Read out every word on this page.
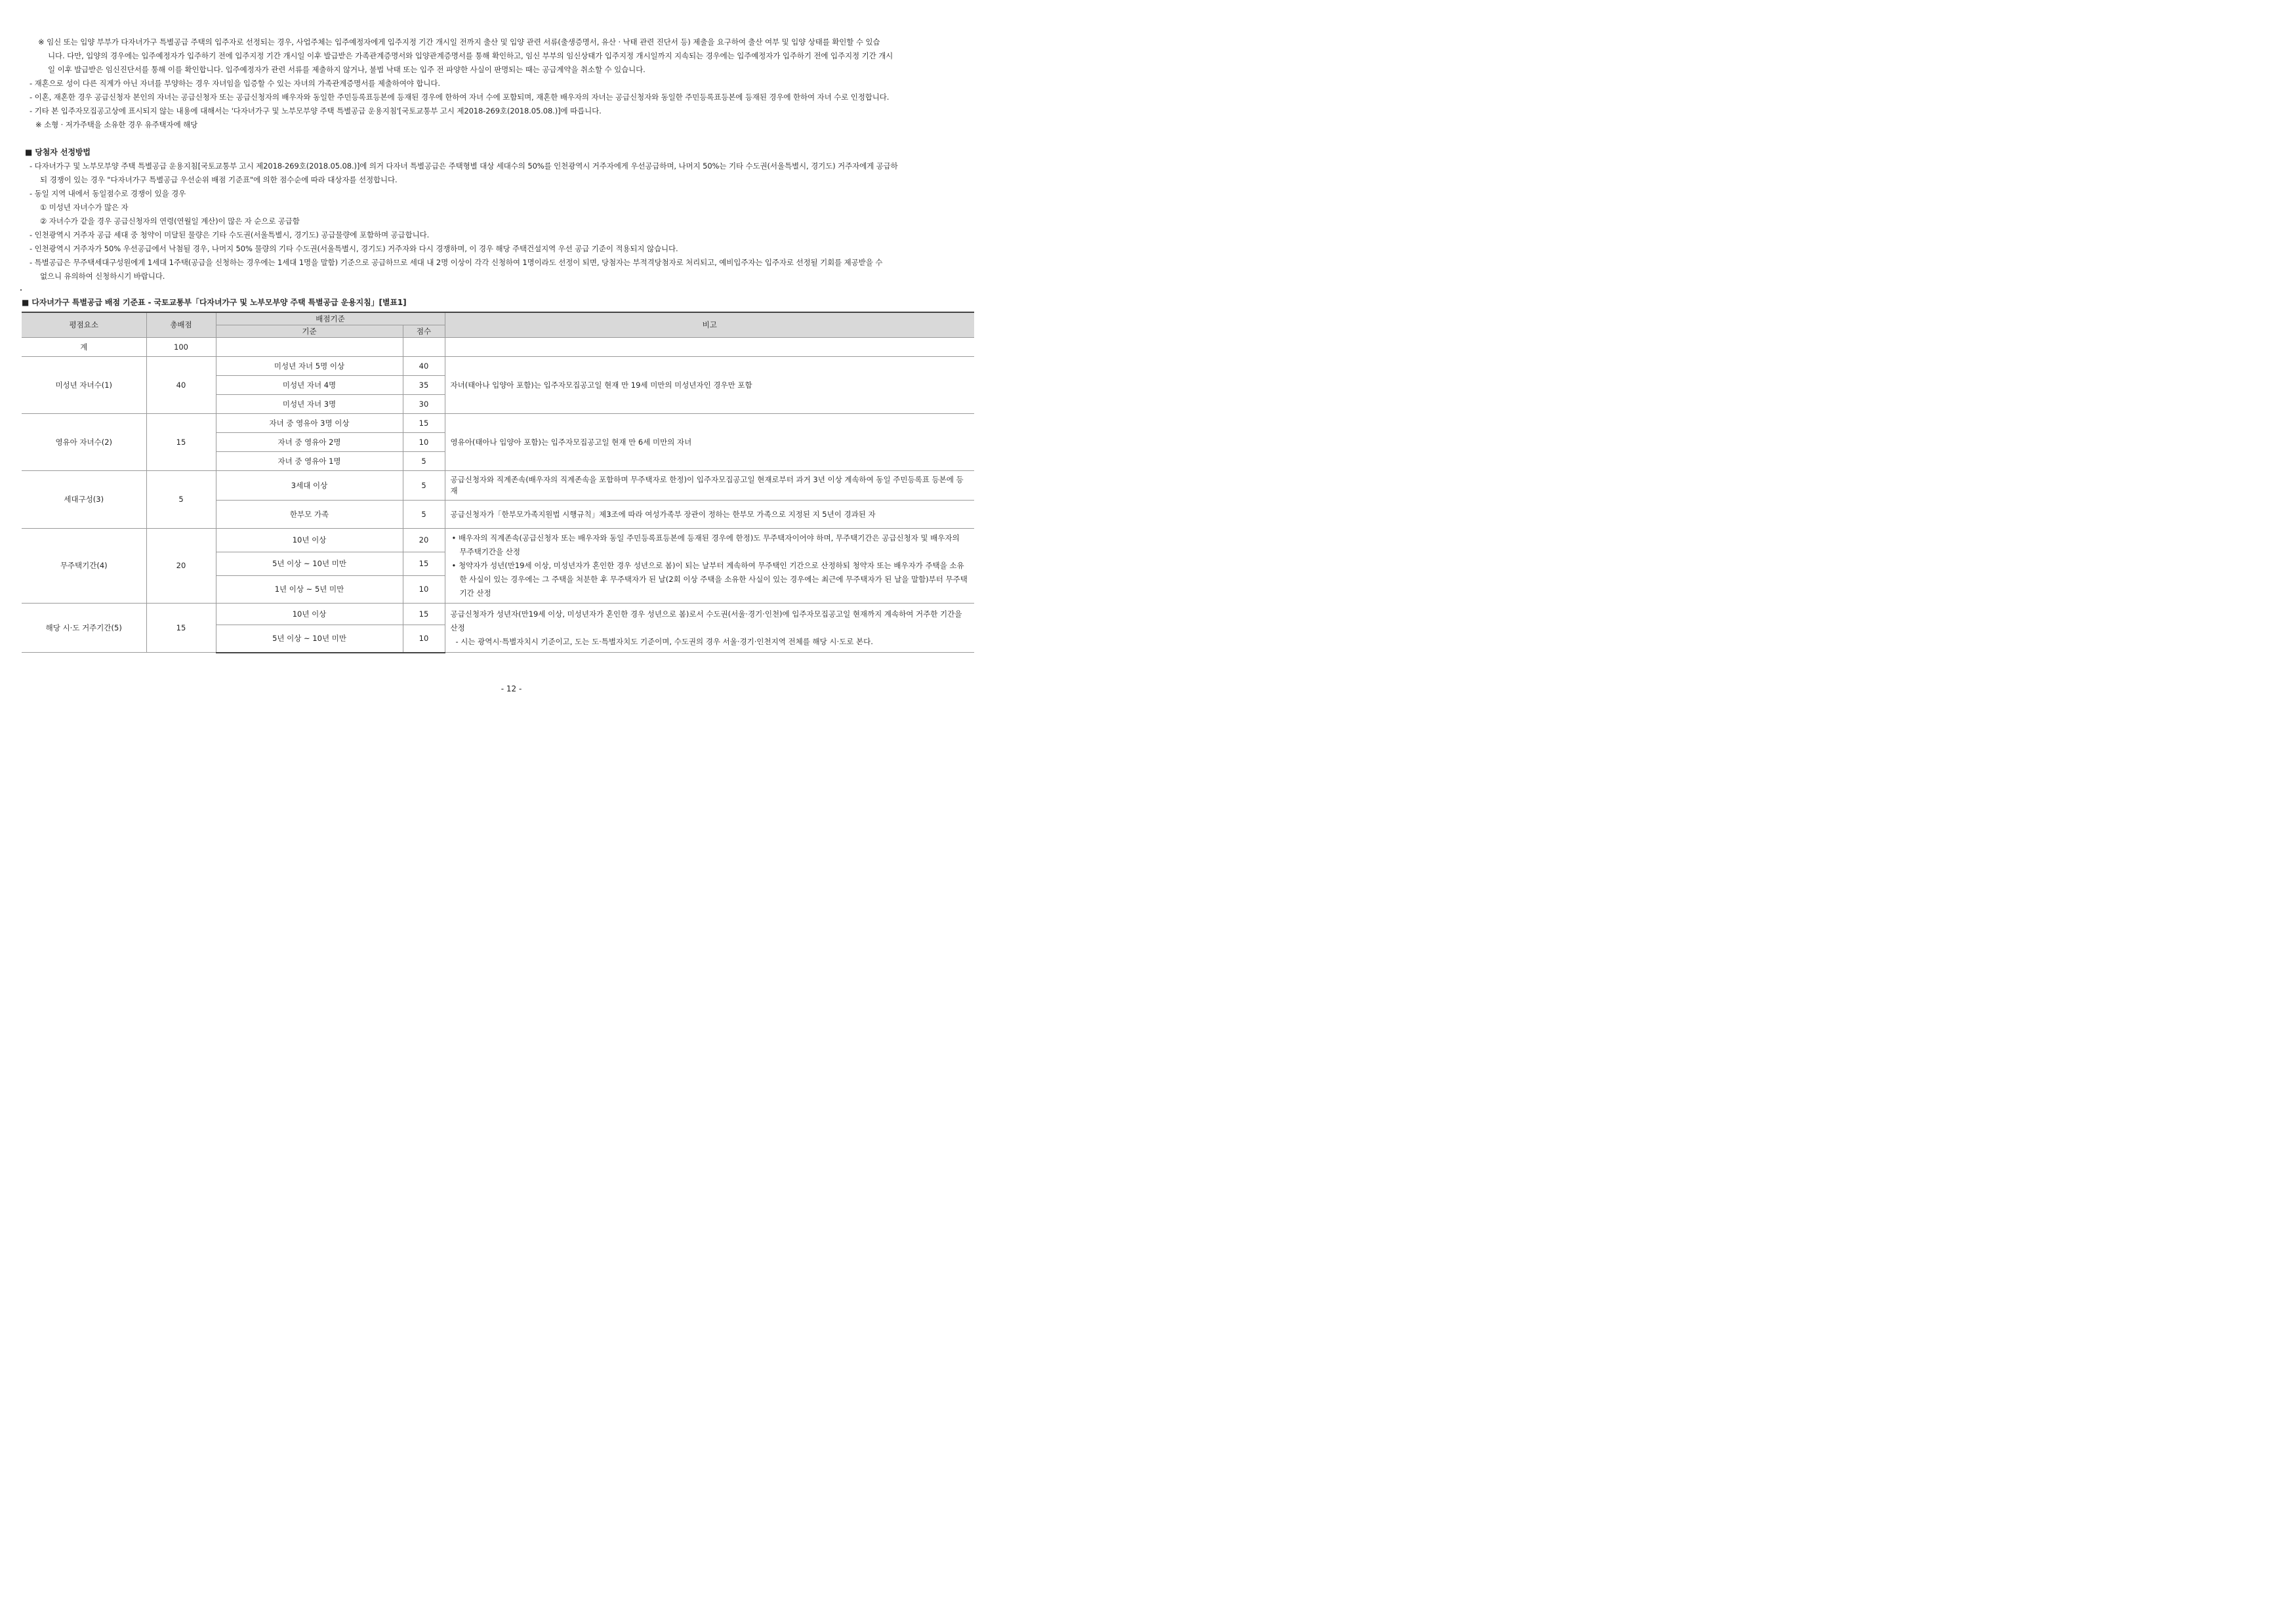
※ 임신 또는 입양 부부가 다자녀가구 특별공급 주택의 입주자로 선정되는 경우, 사업주체는 입주예정자에게 입주지정 기간 개시일 전까지 출산 및 입양 관련 서류(출생증명서, 유산 · 낙태 관련 진단서 등) 제출을 요구하여 출산 여부 및 입양 상태를 확인할 수 있습
니다. 다만, 입양의 경우에는 입주예정자가 입주하기 전에 입주지정 기간 개시일 이후 발급받은 가족관계증명서와 입양관계증명서를 통해 확인하고, 임신 부부의 임신상태가 입주지정 개시일까지 지속되는 경우에는 입주예정자가 입주하기 전에 입주지정 기간 개시
일 이후 발급받은 임신진단서를 통해 이를 확인합니다. 입주예정자가 관련 서류를 제출하지 않거나, 불법 낙태 또는 입주 전 파양한 사실이 판명되는 때는 공급계약을 취소할 수 있습니다.
- 재혼으로 성이 다른 직계가 아닌 자녀를 부양하는 경우 자녀임을 입증할 수 있는 자녀의 가족관계증명서를 제출하여야 합니다.
- 이혼, 재혼한 경우 공급신청자 본인의 자녀는 공급신청자 또는 공급신청자의 배우자와 동일한 주민등록표등본에 등재된 경우에 한하여 자녀 수에 포함되며, 재혼한 배우자의 자녀는 공급신청자와 동일한 주민등록표등본에 등재된 경우에 한하여 자녀 수로 인정합니다.
- 기타 본 입주자모집공고상에 표시되지 않는 내용에 대해서는 '다자녀가구 및 노부모부양 주택 특별공급 운용지침'[국토교통부 고시 제2018-269호(2018.05.08.)]에 따릅니다.
※ 소형 · 저가주택을 소유한 경우 유주택자에 해당
■ 당첨자 선정방법
- 다자녀가구 및 노부모부양 주택 특별공급 운용지침[국토교통부 고시 제2018-269호(2018.05.08.)]에 의거 다자녀 특별공급은 주택형별 대상 세대수의 50%를 인천광역시 거주자에게 우선공급하며, 나머지 50%는 기타 수도권(서울특별시, 경기도) 거주자에게 공급하
되 경쟁이 있는 경우 "다자녀가구 특별공급 우선순위 배점 기준표"에 의한 점수순에 따라 대상자를 선정합니다.
- 동일 지역 내에서 동일점수로 경쟁이 있을 경우
① 미성년 자녀수가 많은 자
② 자녀수가 같을 경우 공급신청자의 연령(연월일 계산)이 많은 자 순으로 공급함
- 인천광역시 거주자 공급 세대 중 청약이 미달된 물량은 기타 수도권(서울특별시, 경기도) 공급물량에 포함하며 공급합니다.
- 인천광역시 거주자가 50% 우선공급에서 낙첨될 경우, 나머지 50% 물량의 기타 수도권(서울특별시, 경기도) 거주자와 다시 경쟁하며, 이 경우 해당 주택건설지역 우선 공급 기준이 적용되지 않습니다.
- 특별공급은 무주택세대구성원에게 1세대 1주택(공급을 신청하는 경우에는 1세대 1명을 말함) 기준으로 공급하므로 세대 내 2명 이상이 각각 신청하여 1명이라도 선정이 되면, 당첨자는 부적격당첨자로 처리되고, 예비입주자는 입주자로 선정될 기회를 제공받을 수
없으니 유의하여 신청하시기 바랍니다.
■ 다자녀가구 특별공급 배점 기준표 - 국토교통부「다자녀가구 및 노부모부양 주택 특별공급 운용지침」[별표1]
평점요소	총배점	배점기준		비고
		기준	점수	
계	100			
미성년 자녀수(1)	40	미성년 자녀 5명 이상	40	자녀(태아나 입양아 포함)는 입주자모집공고일 현재 만 19세 미만의 미성년자인 경우만 포함
		미성년 자녀 4명	35	
		미성년 자녀 3명	30	
영유아 자녀수(2)	15	자녀 중 영유아 3명 이상	15	영유아(태아나 입양아 포함)는 입주자모집공고일 현재 만 6세 미만의 자녀
		자녀 중 영유아 2명	10	
		자녀 중 영유아 1명	5	
세대구성(3)	5	3세대 이상	5	공급신청자와 직계존속(배우자의 직계존속을 포함하며 무주택자로 한정)이 입주자모집공고일 현재로부터 과거 3년 이상 계속하여 동일 주민등록표 등본에 등재
		한부모 가족	5	공급신청자가「한부모가족지원법 시행규칙」제3조에 따라 여성가족부 장관이 정하는 한부모 가족으로 지정된 지 5년이 경과된 자
무주택기간(4)	20	10년 이상	20	• 배우자의 직계존속(공급신청자 또는 배우자와 동일 주민등록표등본에 등재된 경우에 한정)도 무주택자이어야 하며, 무주택기간은 공급신청자 및 배우자의 무주택기간을 산정
• 청약자가 성년(만19세 이상, 미성년자가 혼인한 경우 성년으로 봄)이 되는 날부터 계속하여 무주택인 기간으로 산정하되 청약자 또는 배우자가 주택을 소유한 사실이 있는 경우에는 그 주택을 처분한 후 무주택자가 된 날(2회 이상 주택을 소유한 사실이 있는 경우에는 최근에 무주택자가 된 날을 말함)부터 무주택 기간 산정

		5년 이상 ~ 10년 미만	15	
		1년 이상 ~ 5년 미만	10	
해당 시·도 거주기간(5)	15	10년 이상	15	공급신청자가 성년자(만19세 이상, 미성년자가 혼인한 경우 성년으로 봄)로서 수도권(서울·경기·인천)에 입주자모집공고일 현재까지 계속하여 거주한 기간을 산정
- 시는 광역시·특별자치시 기준이고, 도는 도·특별자치도 기준이며, 수도권의 경우 서울·경기·인천지역 전체를 해당 시·도로 본다.

		5년 이상 ~ 10년 미만	10	
- 12 -
